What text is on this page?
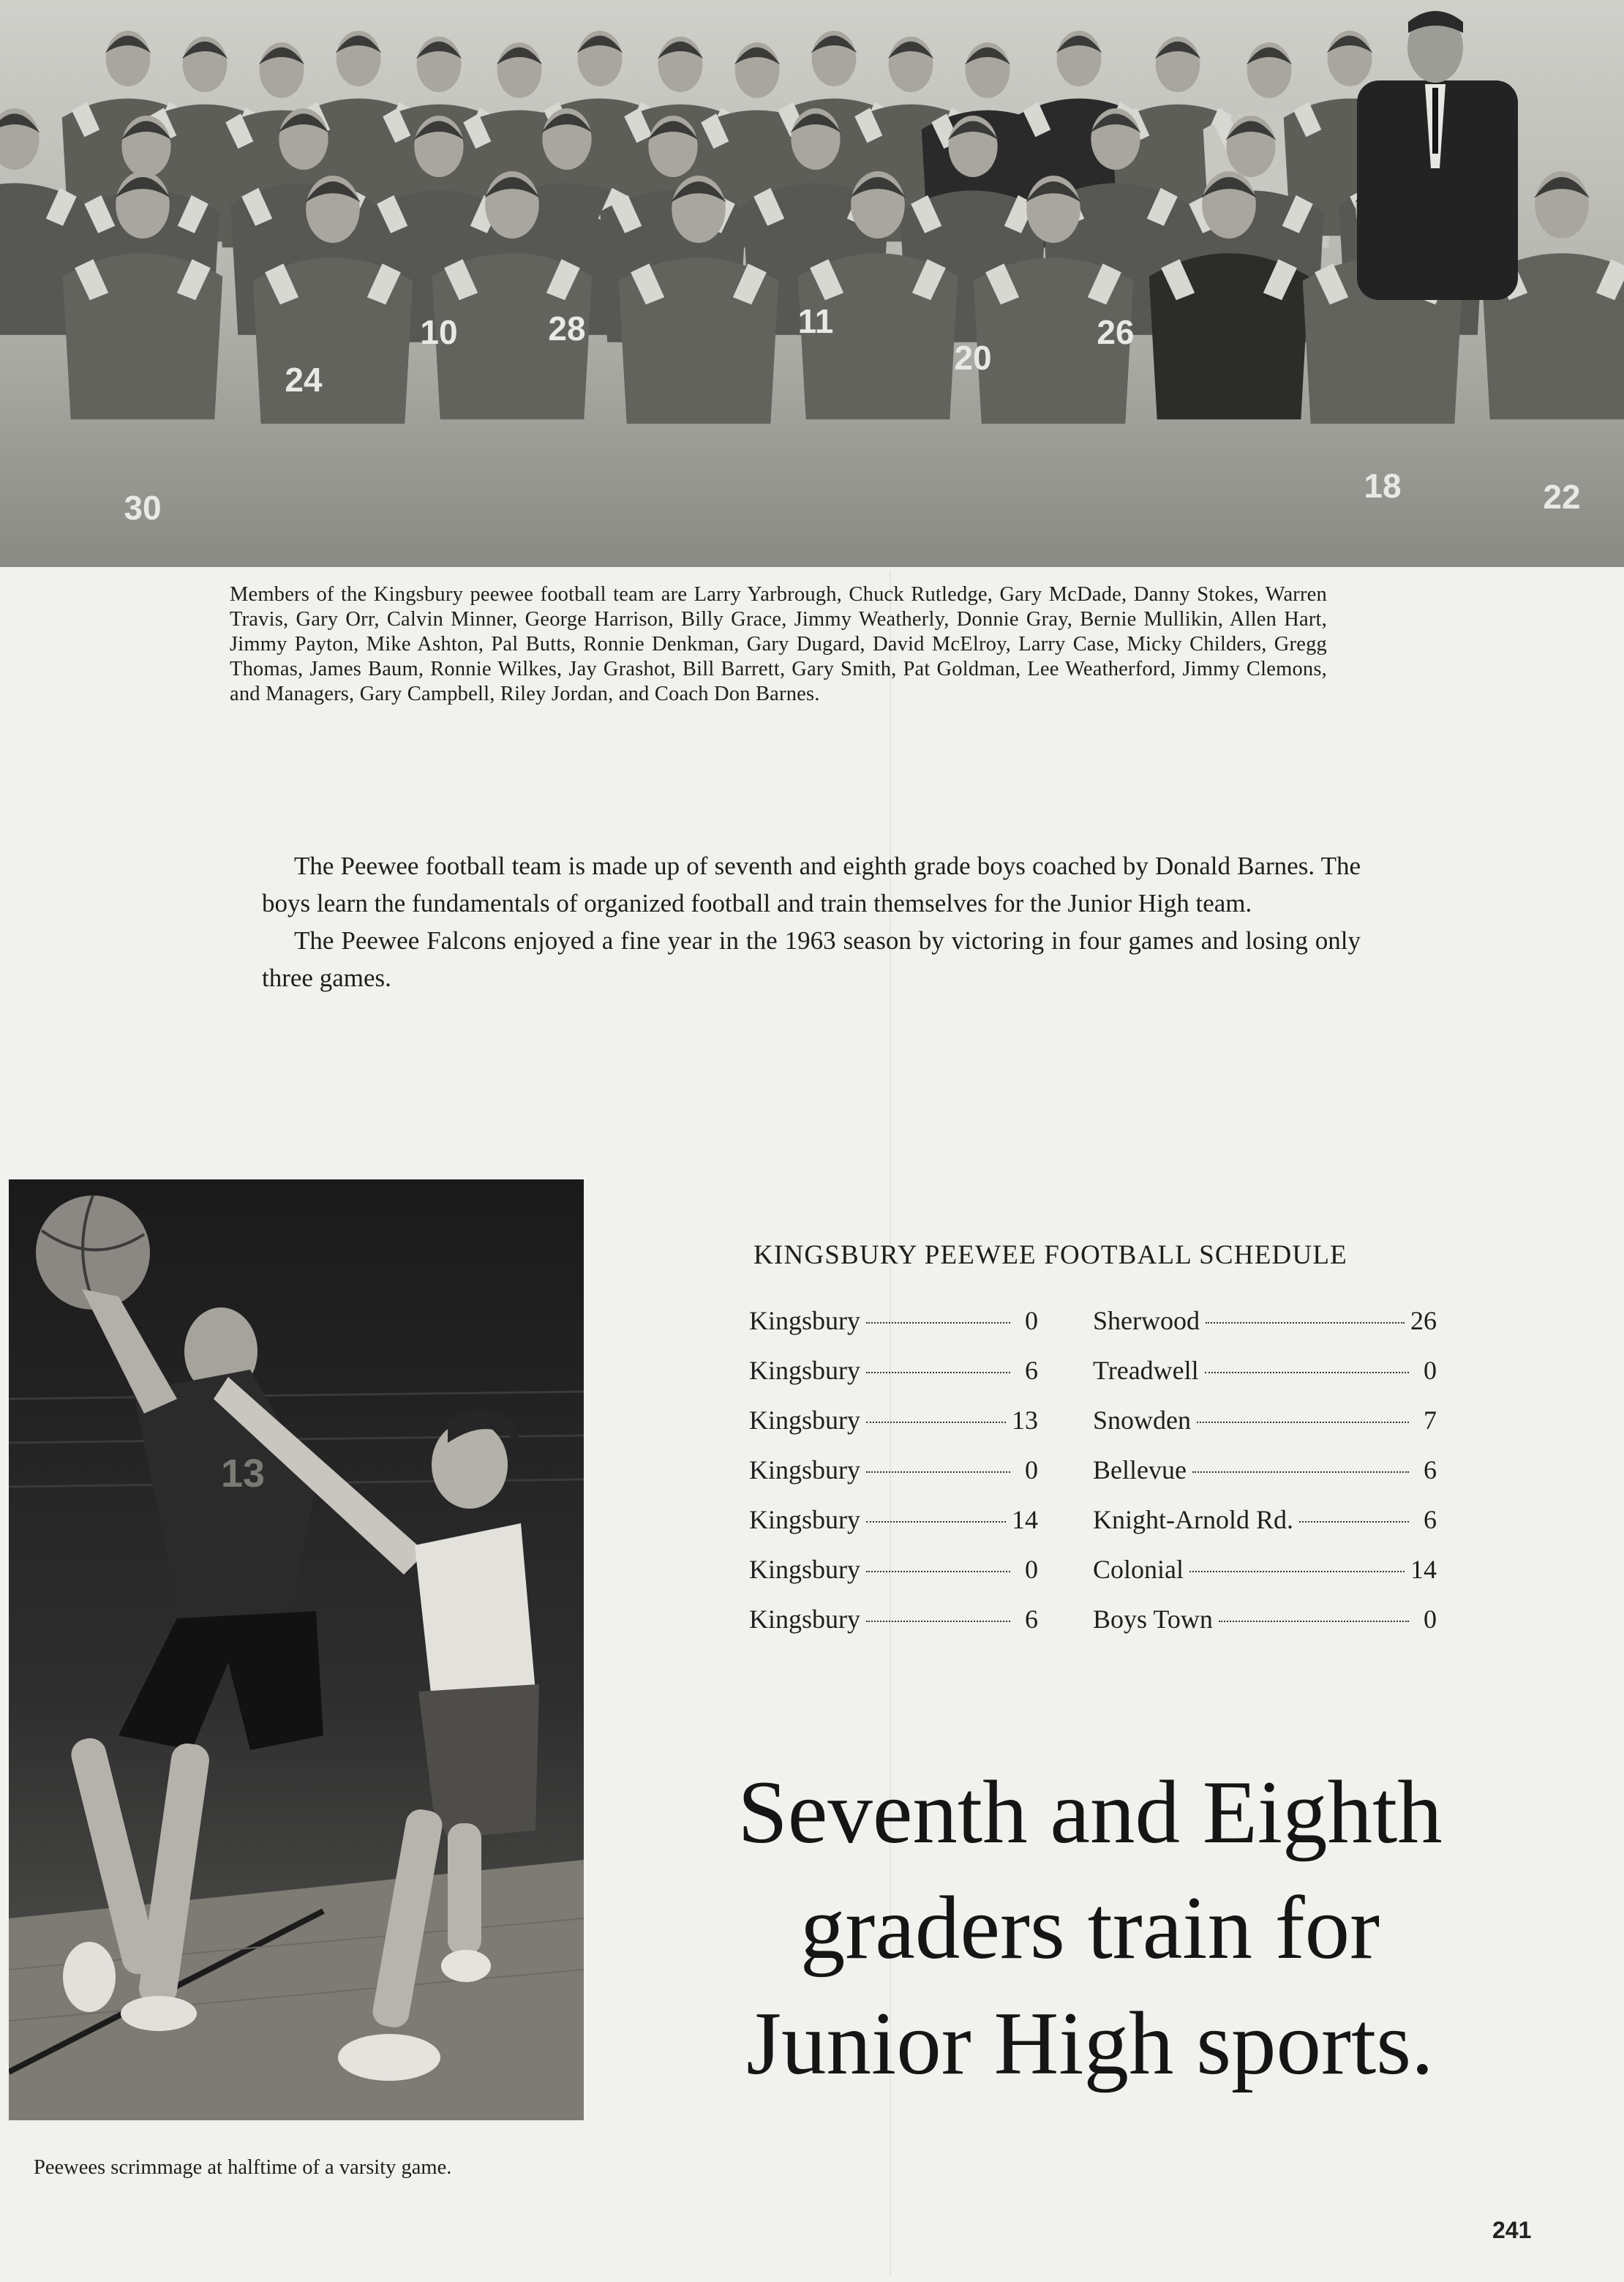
24
10	28	11
20
26
30
18	22
Members of the Kingsbury peewee football team are Larry Yarbrough, Chuck Rutledge, Gary McDade, Danny Stokes, Warren Travis, Gary Orr, Calvin Minner, George Harrison, Billy Grace, Jimmy Weatherly, Donnie Gray, Bernie Mullikin, Allen Hart, Jimmy Payton, Mike Ashton, Pal Butts, Ronnie Denkman, Gary Dugard, David McElroy, Larry Case, Micky Childers, Gregg Thomas, James Baum, Ronnie Wilkes, Jay Grashot, Bill Barrett, Gary Smith, Pat Goldman, Lee Weatherford, Jimmy Clemons, and Managers, Gary Campbell, Riley Jordan, and Coach Don Barnes.

The Peewee football team is made up of seventh and eighth grade boys coached by Donald Barnes. The boys learn the fundamentals of organized football and train themselves for the Junior High team.

The Peewee Falcons enjoyed a fine year in the 1963 season by victoring in four games and losing only three games.

13
Peewees scrimmage at halftime of a varsity game.
KINGSBURY PEEWEE FOOTBALL SCHEDULE
Kingsbury	0 Sherwood	26
Kingsbury	6 Treadwell	0
Kingsbury	13 Snowden	7
Kingsbury	0 Bellevue	6
Kingsbury	14 Knight-Arnold Rd.	6
Kingsbury	0 Colonial	14
Kingsbury	6 Boys Town	0
Seventh and Eighth
graders train for
Junior High sports.
241
